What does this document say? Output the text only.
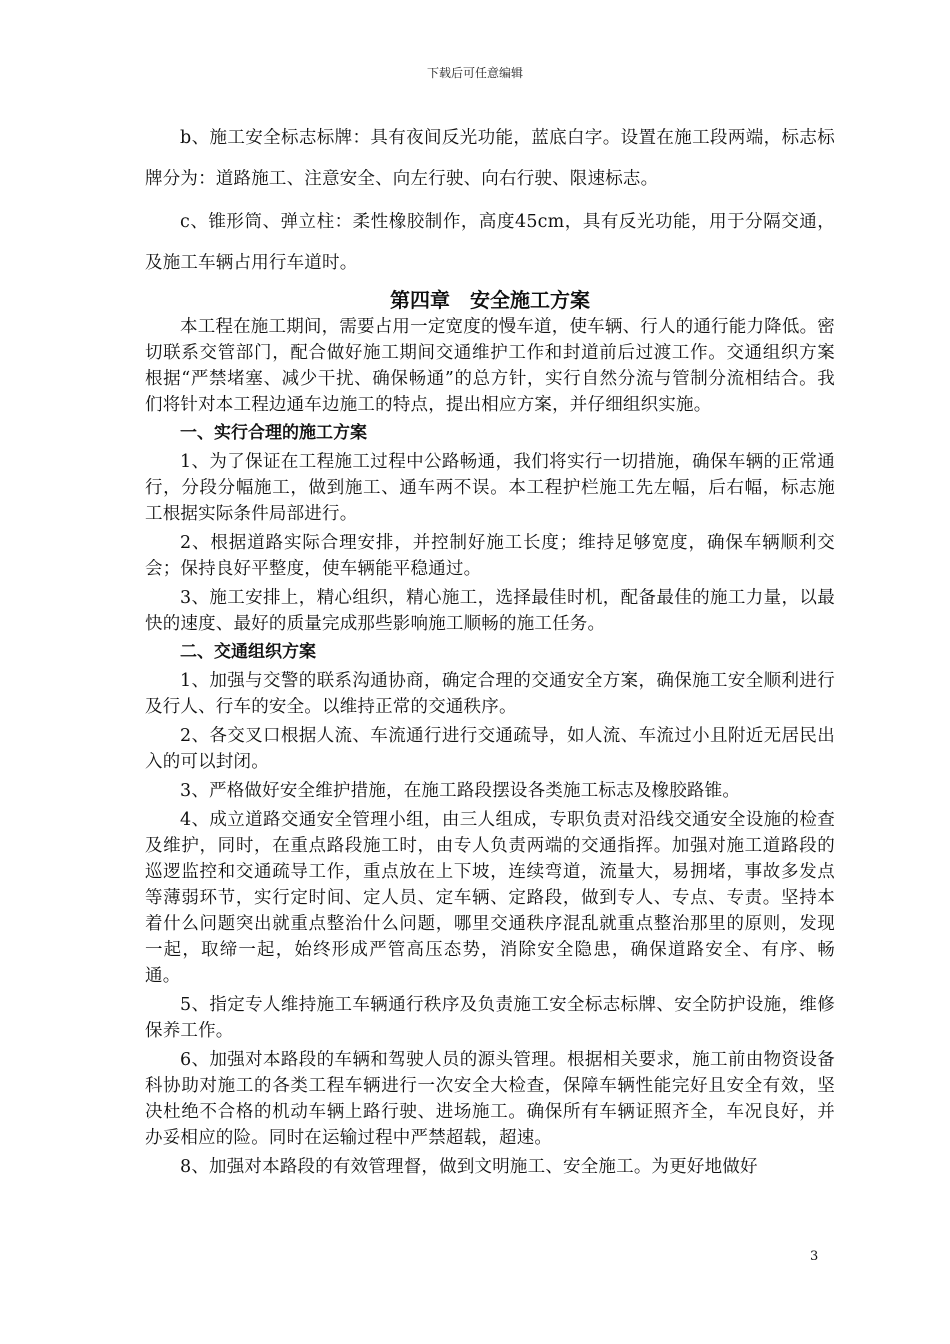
下载后可任意编辑

b、施工安全标志标牌：具有夜间反光功能，蓝底白字。设置在施工段两端，标志标牌分为：道路施工、注意安全、向左行驶、向右行驶、限速标志。

c、锥形筒、弹立柱：柔性橡胶制作，高度45cm，具有反光功能，用于分隔交通，及施工车辆占用行车道时。

第四章　安全施工方案

本工程在施工期间，需要占用一定宽度的慢车道，使车辆、行人的通行能力降低。密切联系交管部门，配合做好施工期间交通维护工作和封道前后过渡工作。交通组织方案根据“严禁堵塞、减少干扰、确保畅通”的总方针，实行自然分流与管制分流相结合。我们将针对本工程边通车边施工的特点，提出相应方案，并仔细组织实施。

一、实行合理的施工方案

1、为了保证在工程施工过程中公路畅通，我们将实行一切措施，确保车辆的正常通行，分段分幅施工，做到施工、通车两不误。本工程护栏施工先左幅，后右幅，标志施工根据实际条件局部进行。

2、根据道路实际合理安排，并控制好施工长度；维持足够宽度，确保车辆顺利交会；保持良好平整度，使车辆能平稳通过。

3、施工安排上，精心组织，精心施工，选择最佳时机，配备最佳的施工力量，以最快的速度、最好的质量完成那些影响施工顺畅的施工任务。

二、交通组织方案

1、加强与交警的联系沟通协商，确定合理的交通安全方案，确保施工安全顺利进行及行人、行车的安全。以维持正常的交通秩序。

2、各交叉口根据人流、车流通行进行交通疏导，如人流、车流过小且附近无居民出入的可以封闭。

3、严格做好安全维护措施，在施工路段摆设各类施工标志及橡胶路锥。

4、成立道路交通安全管理小组，由三人组成，专职负责对沿线交通安全设施的检查及维护，同时，在重点路段施工时，由专人负责两端的交通指挥。加强对施工道路段的巡逻监控和交通疏导工作，重点放在上下坡，连续弯道，流量大，易拥堵，事故多发点等薄弱环节，实行定时间、定人员、定车辆、定路段，做到专人、专点、专责。坚持本着什么问题突出就重点整治什么问题，哪里交通秩序混乱就重点整治那里的原则，发现一起，取缔一起，始终形成严管高压态势，消除安全隐患，确保道路安全、有序、畅通。

5、指定专人维持施工车辆通行秩序及负责施工安全标志标牌、安全防护设施，维修保养工作。

6、加强对本路段的车辆和驾驶人员的源头管理。根据相关要求，施工前由物资设备科协助对施工的各类工程车辆进行一次安全大检查，保障车辆性能完好且安全有效，坚决杜绝不合格的机动车辆上路行驶、进场施工。确保所有车辆证照齐全，车况良好，并办妥相应的险。同时在运输过程中严禁超载，超速。

8、加强对本路段的有效管理督，做到文明施工、安全施工。为更好地做好

3
